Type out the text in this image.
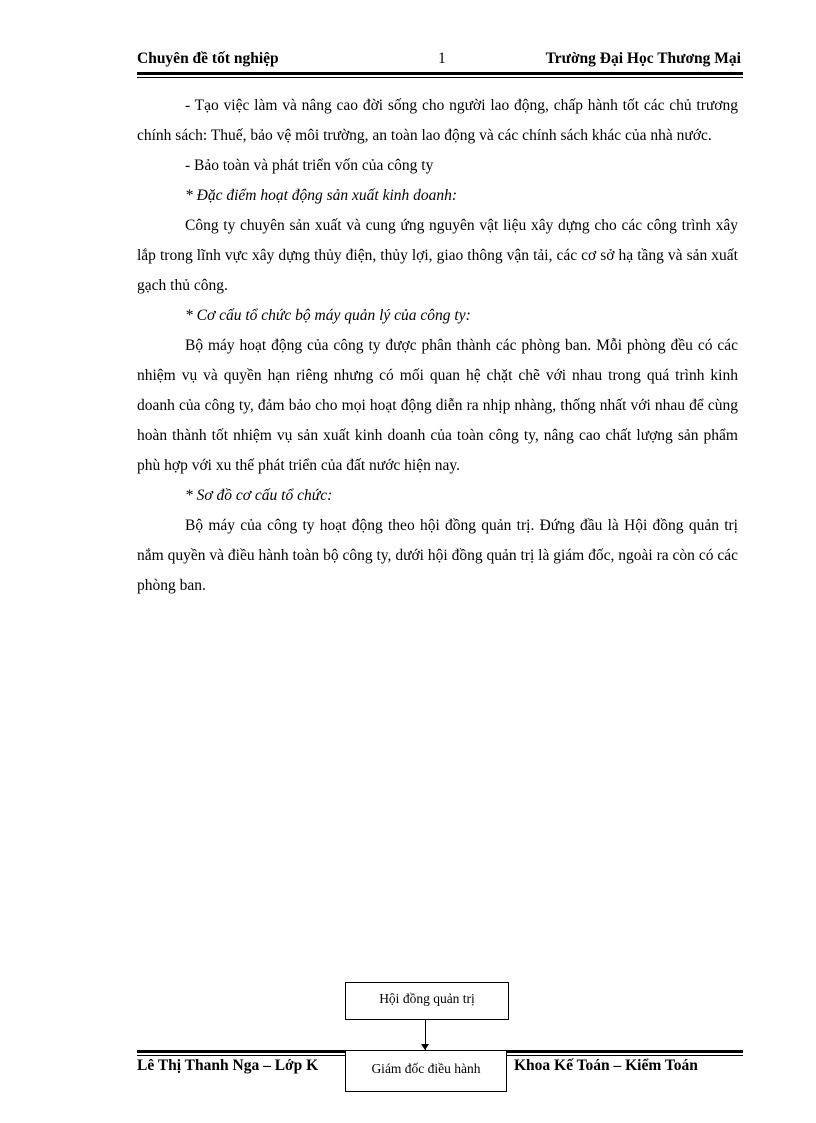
Chuyên đề tốt nghiệp	1	Trường Đại Học Thương Mại

- Tạo việc làm và nâng cao đời sống cho người lao động, chấp hành tốt các chủ trương chính sách: Thuế, bảo vệ môi trường, an toàn lao động và các chính sách khác của nhà nước.

- Bảo toàn và phát triển vốn của công ty

* Đặc điểm hoạt động sản xuất kinh doanh:

Công ty chuyên sản xuất và cung ứng nguyên vật liệu xây dựng cho các công trình xây lắp trong lĩnh vực xây dựng thủy điện, thủy lợi, giao thông vận tải, các cơ sở hạ tầng và sản xuất gạch thủ công.

* Cơ cấu tổ chức bộ máy quản lý của công ty:

Bộ máy hoạt động của công ty được phân thành các phòng ban. Mỗi phòng đều có các nhiệm vụ và quyền hạn riêng nhưng có mối quan hệ chặt chẽ với nhau trong quá trình kinh doanh của công ty, đảm bảo cho mọi hoạt động diễn ra nhịp nhàng, thống nhất với nhau để cùng hoàn thành tốt nhiệm vụ sản xuất kinh doanh của toàn công ty, nâng cao chất lượng sản phẩm phù hợp với xu thế phát triển của đất nước hiện nay.

* Sơ đồ cơ cấu tổ chức:

Bộ máy của công ty hoạt động theo hội đồng quản trị. Đứng đầu là Hội đồng quản trị nắm quyền và điều hành toàn bộ công ty, dưới hội đồng quản trị là giám đốc, ngoài ra còn có các phòng ban.

Hội đồng quản trị
Lê Thị Thanh Nga – Lớp K	Khoa Kế Toán – Kiểm Toán
Giám đốc điều hành
